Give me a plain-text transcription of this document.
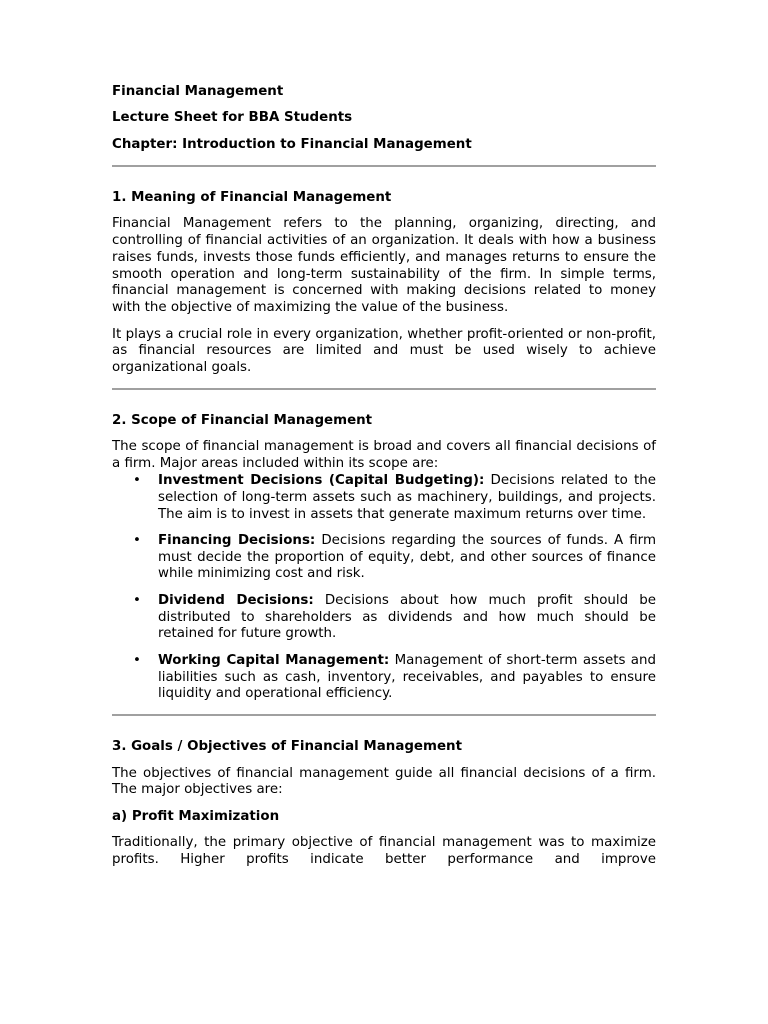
Financial Management
Lecture Sheet for BBA Students
Chapter: Introduction to Financial Management
1. Meaning of Financial Management

Financial Management refers to the planning, organizing, directing, and controlling of financial activities of an organization. It deals with how a business raises funds, invests those funds efficiently, and manages returns to ensure the smooth operation and long-term sustainability of the firm. In simple terms, financial management is concerned with making decisions related to money with the objective of maximizing the value of the business.

It plays a crucial role in every organization, whether profit-oriented or non-profit, as financial resources are limited and must be used wisely to achieve organizational goals.

2. Scope of Financial Management

The scope of financial management is broad and covers all financial decisions of a firm. Major areas included within its scope are:

• Investment Decisions (Capital Budgeting): Decisions related to the selection of long-term assets such as machinery, buildings, and projects. The aim is to invest in assets that generate maximum returns over time.
• Financing Decisions: Decisions regarding the sources of funds. A firm must decide the proportion of equity, debt, and other sources of finance while minimizing cost and risk.
• Dividend Decisions: Decisions about how much profit should be distributed to shareholders as dividends and how much should be retained for future growth.
• Working Capital Management: Management of short-term assets and liabilities such as cash, inventory, receivables, and payables to ensure liquidity and operational efficiency.
3. Goals / Objectives of Financial Management

The objectives of financial management guide all financial decisions of a firm. The major objectives are:

a) Profit Maximization

Traditionally, the primary objective of financial management was to maximize profits. Higher profits indicate better performance and improve
